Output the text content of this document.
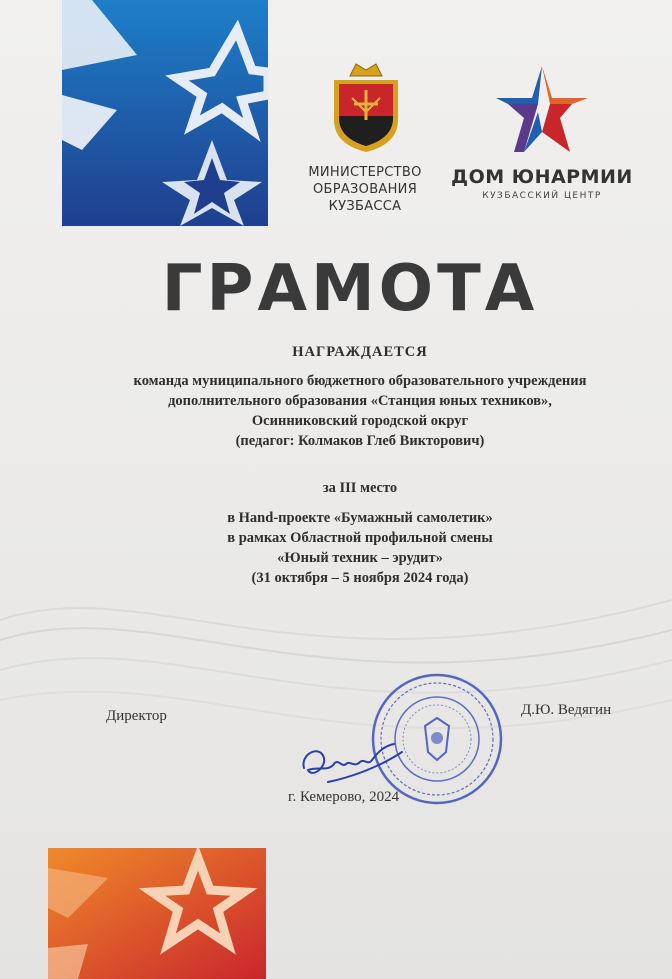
МИНИСТЕРСТВО
ОБРАЗОВАНИЯ
КУЗБАССА
ДОМ ЮНАРМИИ
КУЗБАССКИЙ ЦЕНТР
ГРАМОТА
НАГРАЖДАЕТСЯ
команда муниципального бюджетного образовательного учреждения
дополнительного образования «Станция юных техников»,
Осинниковский городской округ
(педагог: Колмаков Глеб Викторович)
за III место
в Hand-проекте «Бумажный самолетик»
в рамках Областной профильной смены
«Юный техник – эрудит»
(31 октября – 5 ноября 2024 года)
Директор	Д.Ю. Ведягин
г. Кемерово, 2024
